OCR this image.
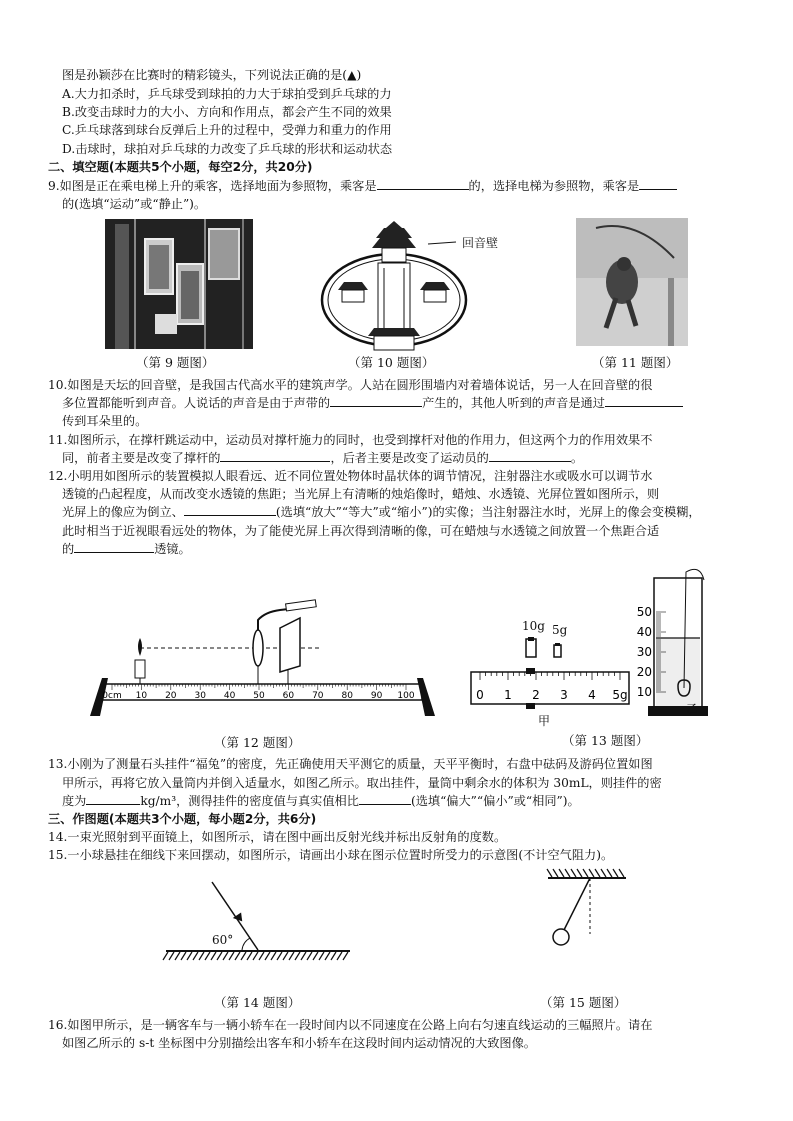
图是孙颖莎在比赛时的精彩镜头，下列说法正确的是(▲)
A.大力扣杀时，乒乓球受到球拍的力大于球拍受到乒乓球的力
B.改变击球时力的大小、方向和作用点，都会产生不同的效果
C.乒乓球落到球台反弹后上升的过程中，受弹力和重力的作用
D.击球时，球拍对乒乓球的力改变了乒乓球的形状和运动状态
二、填空题(本题共5个小题，每空2分，共20分)
9.如图是正在乘电梯上升的乘客，选择地面为参照物，乘客是	的，选择电梯为参照物，乘客是
的(选填“运动”或“静止”)。
（第 9 题图）
回音壁
（第 10 题图）	（第 11 题图）
10.如图是天坛的回音壁，是我国古代高水平的建筑声学。人站在圆形围墙内对着墙体说话，另一人在回音壁的很
多位置都能听到声音。人说话的声音是由于声带的	产生的，其他人听到的声音是通过
传到耳朵里的。
11.如图所示，在撑杆跳运动中，运动员对撑杆施力的同时，也受到撑杆对他的作用力，但这两个力的作用效果不
同，前者主要是改变了撑杆的	，后者主要是改变了运动员的	。
12.小明用如图所示的装置模拟人眼看远、近不同位置处物体时晶状体的调节情况，注射器注水或吸水可以调节水
透镜的凸起程度，从而改变水透镜的焦距；当光屏上有清晰的烛焰像时，蜡烛、水透镜、光屏位置如图所示，则
光屏上的像应为倒立、	(选填“放大”“等大”或“缩小”)的实像；当注射器注水时，光屏上的像会变模糊，
此时相当于近视眼看远处的物体，为了能使光屏上再次得到清晰的像，可在蜡烛与水透镜之间放置一个焦距合适
的	透镜。
0cm 10 20 30 40 50 60 70 80 90 100
（第 12 题图）
10g 5g
0 1 2 3 4 5g
甲
50
40
30
20
10
乙
（第 13 题图）
13.小刚为了测量石头挂件“福兔”的密度，先正确使用天平测它的质量，天平平衡时，右盘中砝码及游码位置如图
甲所示，再将它放入量筒内并倒入适量水，如图乙所示。取出挂件，量筒中剩余水的体积为 30mL，则挂件的密
度为	kg/m³，测得挂件的密度值与真实值相比	(选填“偏大”“偏小”或“相同”)。
三、作图题(本题共3个小题，每小题2分，共6分)
14.一束光照射到平面镜上，如图所示，请在图中画出反射光线并标出反射角的度数。
15.一小球悬挂在细线下来回摆动，如图所示，请画出小球在图示位置时所受力的示意图(不计空气阻力)。
60°
（第 14 题图）	（第 15 题图）
16.如图甲所示，是一辆客车与一辆小轿车在一段时间内以不同速度在公路上向右匀速直线运动的三幅照片。请在
如图乙所示的 s-t 坐标图中分别描绘出客车和小轿车在这段时间内运动情况的大致图像。
